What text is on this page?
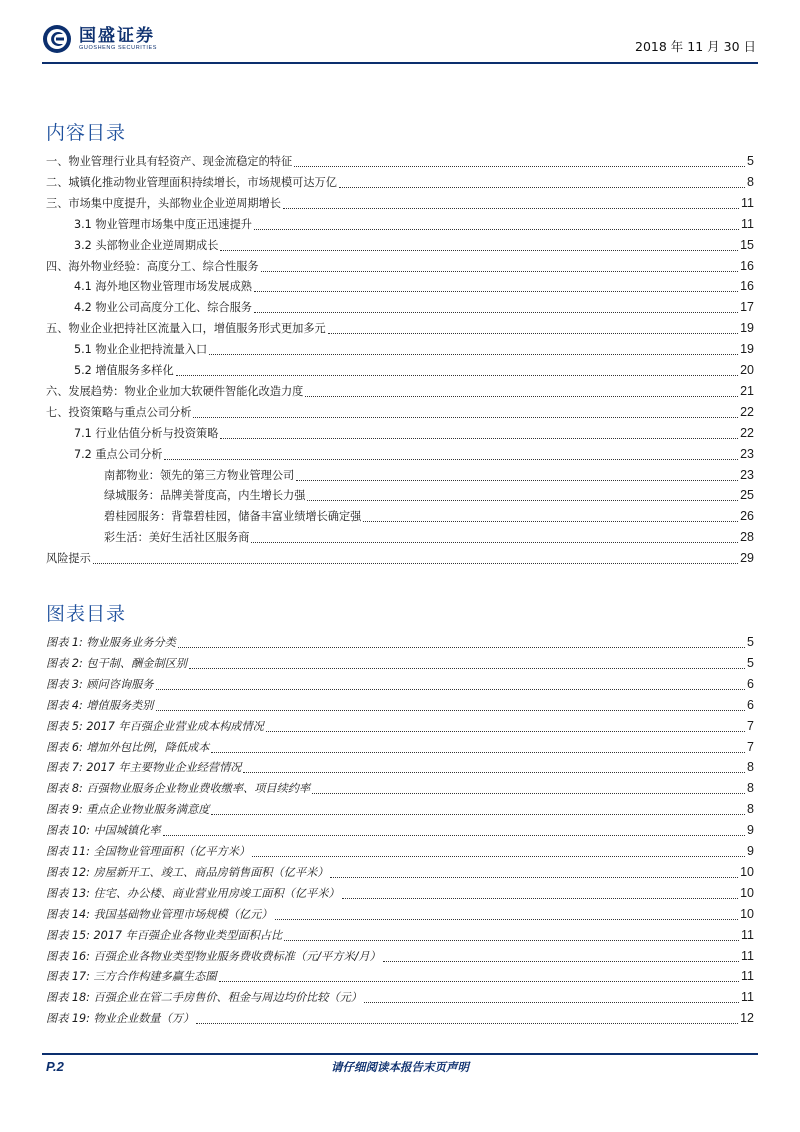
国盛证券
GUOSHENG SECURITIES	2018 年 11 月 30 日
内容目录
一、物业管理行业具有轻资产、现金流稳定的特征	5
二、城镇化推动物业管理面积持续增长，市场规模可达万亿	8
三、市场集中度提升，头部物业企业逆周期增长	11
3.1 物业管理市场集中度正迅速提升	11
3.2 头部物业企业逆周期成长	15
四、海外物业经验：高度分工、综合性服务	16
4.1 海外地区物业管理市场发展成熟	16
4.2 物业公司高度分工化、综合服务	17
五、物业企业把持社区流量入口，增值服务形式更加多元	19
5.1 物业企业把持流量入口	19
5.2 增值服务多样化	20
六、发展趋势：物业企业加大软硬件智能化改造力度	21
七、投资策略与重点公司分析	22
7.1 行业估值分析与投资策略	22
7.2 重点公司分析	23
南都物业：领先的第三方物业管理公司	23
绿城服务：品牌美誉度高，内生增长力强	25
碧桂园服务：背靠碧桂园，储备丰富业绩增长确定强	26
彩生活：美好生活社区服务商	28
风险提示	29
图表目录
图表 1: 物业服务业务分类	5
图表 2: 包干制、酬金制区别	5
图表 3: 顾问咨询服务	6
图表 4: 增值服务类别	6
图表 5: 2017 年百强企业营业成本构成情况	7
图表 6: 增加外包比例，降低成本	7
图表 7: 2017 年主要物业企业经营情况	8
图表 8: 百强物业服务企业物业费收缴率、项目续约率	8
图表 9: 重点企业物业服务满意度	8
图表 10: 中国城镇化率	9
图表 11: 全国物业管理面积（亿平方米）	9
图表 12: 房屋新开工、竣工、商品房销售面积（亿平米）	10
图表 13: 住宅、办公楼、商业营业用房竣工面积（亿平米）	10
图表 14: 我国基础物业管理市场规模（亿元）	10
图表 15: 2017 年百强企业各物业类型面积占比	11
图表 16: 百强企业各物业类型物业服务费收费标准（元/平方米/月）	11
图表 17: 三方合作构建多赢生态圈	11
图表 18: 百强企业在管二手房售价、租金与周边均价比较（元）	11
图表 19: 物业企业数量（万）	12
P.2	请仔细阅读本报告末页声明
